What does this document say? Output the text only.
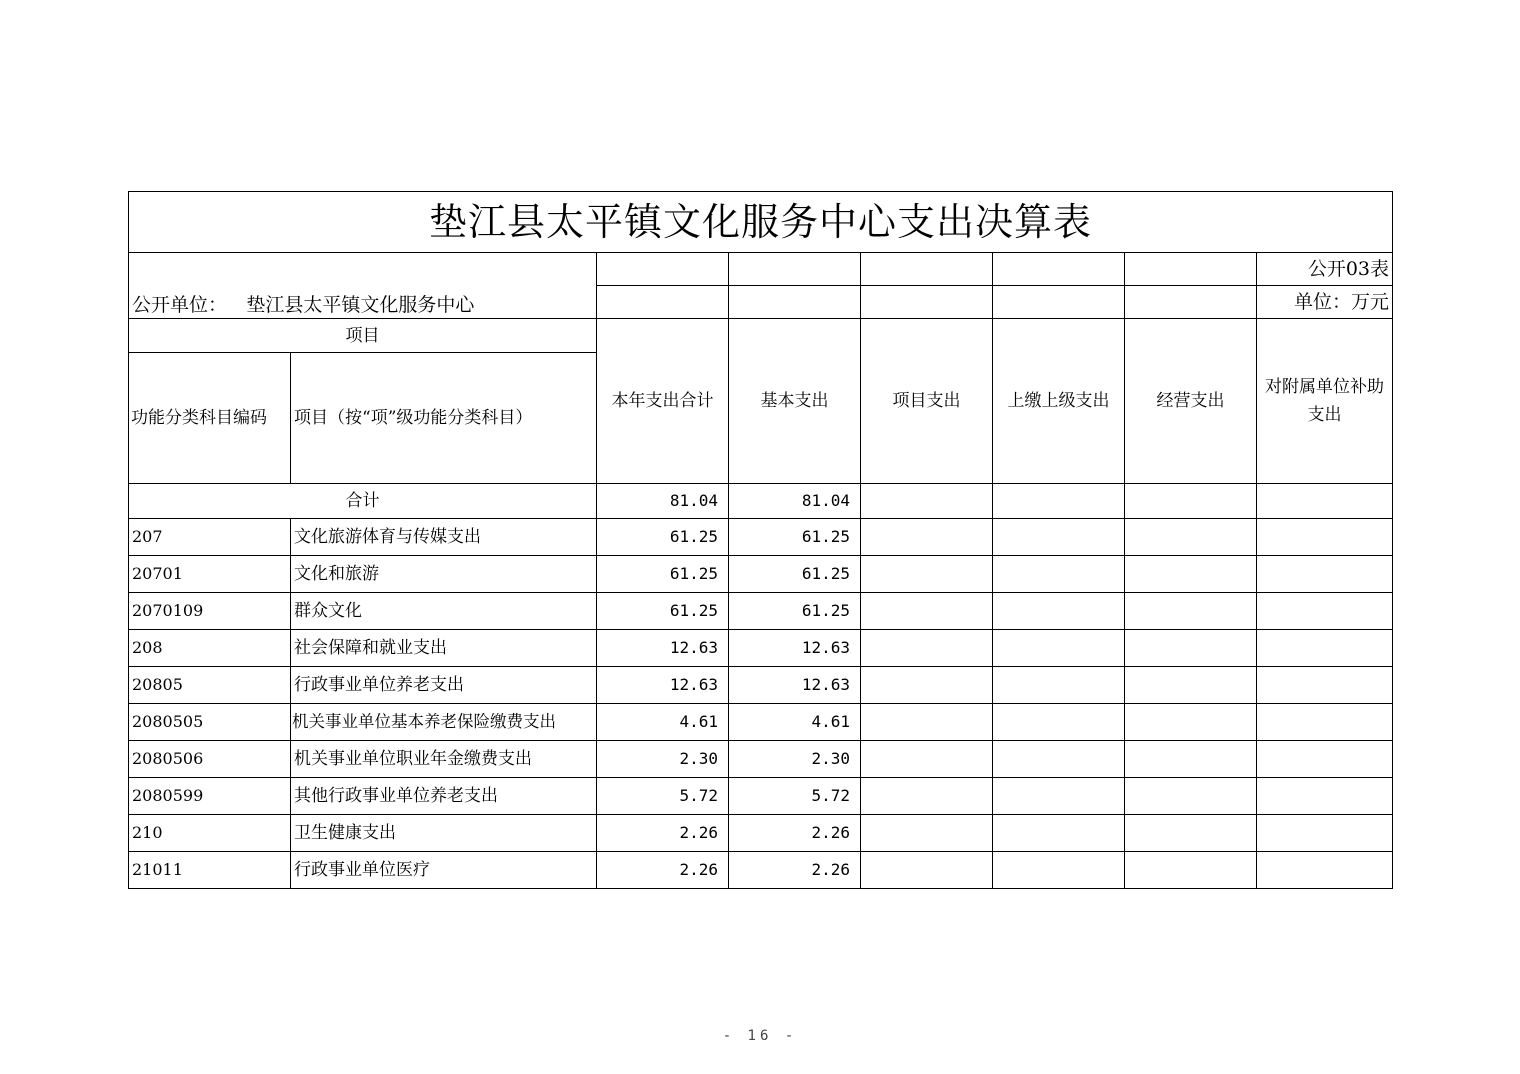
垫江县太平镇文化服务中心支出决算表							
公开单位： 垫江县太平镇文化服务中心							公开03表
							单位：万元
项目		本年支出合计	基本支出	项目支出	上缴上级支出	经营支出	对附属单位补助支出
功能分类科目编码	项目（按“项”级功能分类科目）						
合计		81.04	81.04				
207	文化旅游体育与传媒支出	61.25	61.25				
20701	文化和旅游	61.25	61.25				
2070109	群众文化	61.25	61.25				
208	社会保障和就业支出	12.63	12.63				
20805	行政事业单位养老支出	12.63	12.63				
2080505	机关事业单位基本养老保险缴费支出	4.61	4.61				
2080506	机关事业单位职业年金缴费支出	2.30	2.30				
2080599	其他行政事业单位养老支出	5.72	5.72				
210	卫生健康支出	2.26	2.26				
21011	行政事业单位医疗	2.26	2.26				
- 16 -
